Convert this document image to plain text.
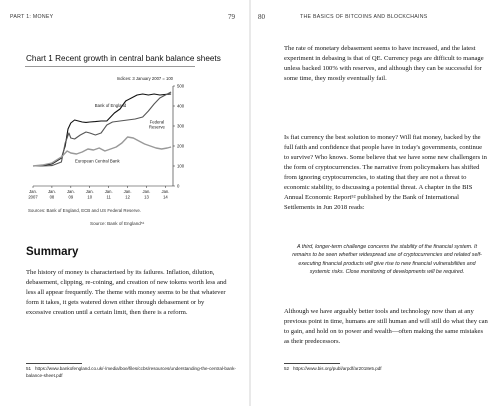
PART 1: MONEY	79
Chart 1 Recent growth in central bank balance sheets
Indices: 3 January 2007 = 100
0
100
200
300
400
500
Jan.
2007
Jan.
08
Jan.
09
Jan.
10
Jan.
11
Jan.
12
Jan.
13
Jan.
14
Bank of England
Federal
Reserve
European Central Bank
Sources: Bank of England, ECB and US Federal Reserve.
Source: Bank of England⁵¹
Summary
The history of money is characterised by its failures. Inflation, dilution, debasement, clipping, re-coining, and creation of new tokens worth less and less all appear frequently. The theme with money seems to be that whatever form it takes, it gets watered down either through debasement or by excessive creation until a certain limit, then there is a reform.
51 https://www.bankofengland.co.uk/-/media/boe/files/ccbs/resources/understanding-the-central-bank-balance-sheet.pdf
80	THE BASICS OF BITCOINS AND BLOCKCHAINS
The rate of monetary debasement seems to have increased, and the latest experiment in debasing is that of QE. Currency pegs are difficult to manage unless backed 100% with reserves, and although they can be successful for some time, they mostly eventually fail.
Is fiat currency the best solution to money? Will fiat money, backed by the full faith and confidence that people have in today's governments, continue to survive? Who knows. Some believe that we have some new challengers in the form of cryptocurrencies. The narrative from policymakers has shifted from ignoring cryptocurrencies, to stating that they are not a threat to economic stability, to discussing a potential threat. A chapter in the BIS Annual Economic Report⁵² published by the Bank of International Settlements in Jun 2018 reads:
A third, longer-term challenge concerns the stability of the financial system. It remains to be seen whether widespread use of cryptocurrencies and related self-executing financial products will give rise to new financial vulnerabilities and systemic risks. Close monitoring of developments will be required.
Although we have arguably better tools and technology now than at any previous point in time, humans are still human and will still do what they can to gain, and hold on to power and wealth—often making the same mistakes as their predecessors.
52 https://www.bis.org/publ/arpdf/ar2018e5.pdf
